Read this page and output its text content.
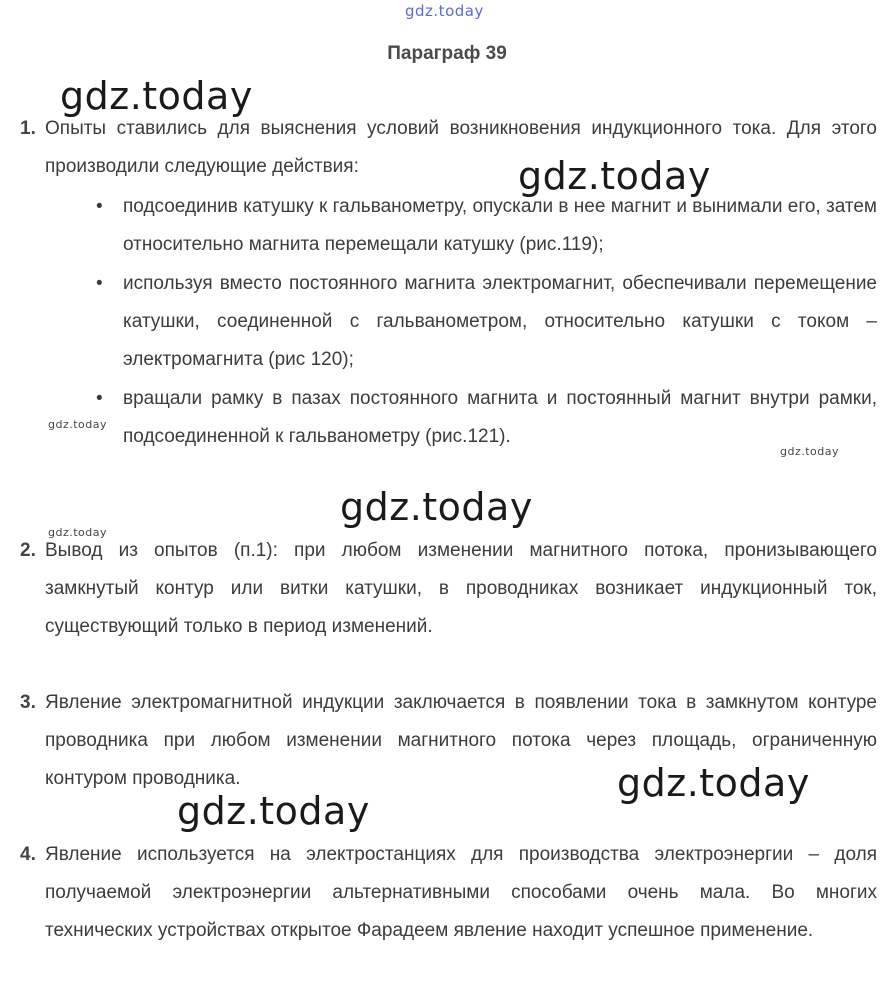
gdz.today
gdz.today
gdz.today
gdz.today
gdz.today
gdz.today
gdz.today
gdz.today
gdz.today
Параграф 39
1. Опыты ставились для выяснения условий возникновения индукционного тока. Для этого производили следующие действия:
• подсоединив катушку к гальванометру, опускали в нее магнит и вынимали его, затем относительно магнита перемещали катушку (рис.119);
• используя вместо постоянного магнита электромагнит, обеспечивали перемещение катушки, соединенной с гальванометром, относительно катушки с током – электромагнита (рис 120);
• вращали рамку в пазах постоянного магнита и постоянный магнит внутри рамки, подсоединенной к гальванометру (рис.121).
2. Вывод из опытов (п.1): при любом изменении магнитного потока, пронизывающего замкнутый контур или витки катушки, в проводниках возникает индукционный ток, существующий только в период изменений.
3. Явление электромагнитной индукции заключается в появлении тока в замкнутом контуре проводника при любом изменении магнитного потока через площадь, ограниченную контуром проводника.
4. Явление используется на электростанциях для производства электроэнергии – доля получаемой электроэнергии альтернативными способами очень мала. Во многих технических устройствах открытое Фарадеем явление находит успешное применение.
